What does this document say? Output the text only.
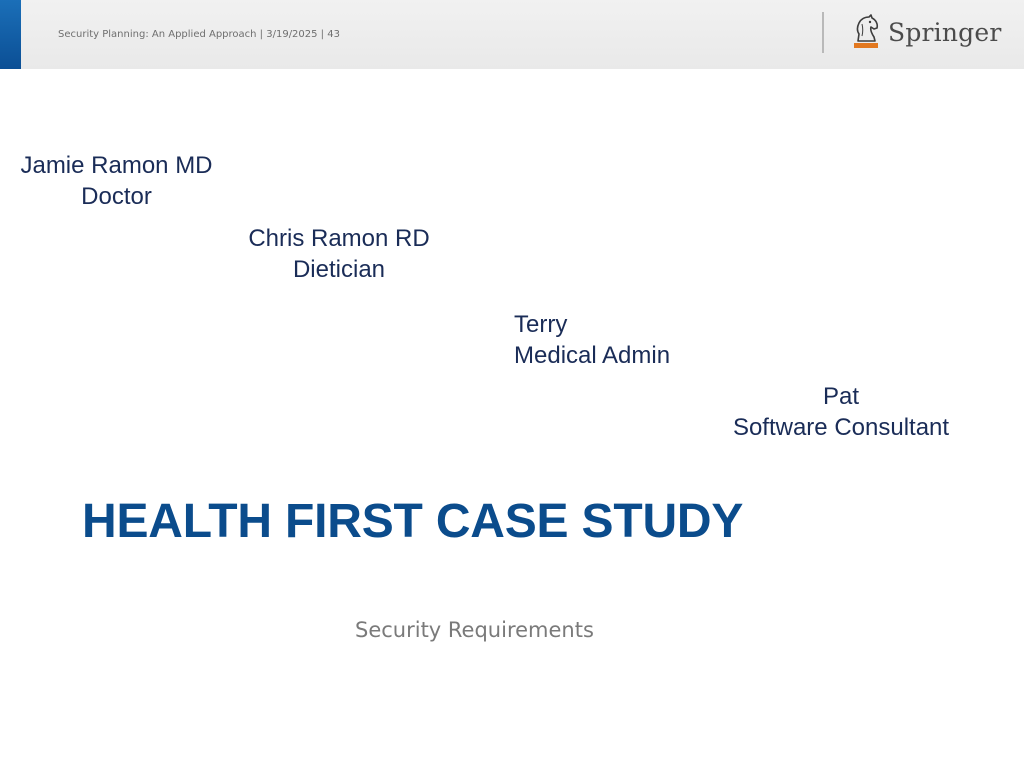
Security Planning: An Applied Approach | 3/19/2025 | 43	Springer
Jamie Ramon MD
Doctor
Chris Ramon RD
Dietician
Terry
Medical Admin
Pat
Software Consultant
HEALTH FIRST CASE STUDY
Security Requirements
